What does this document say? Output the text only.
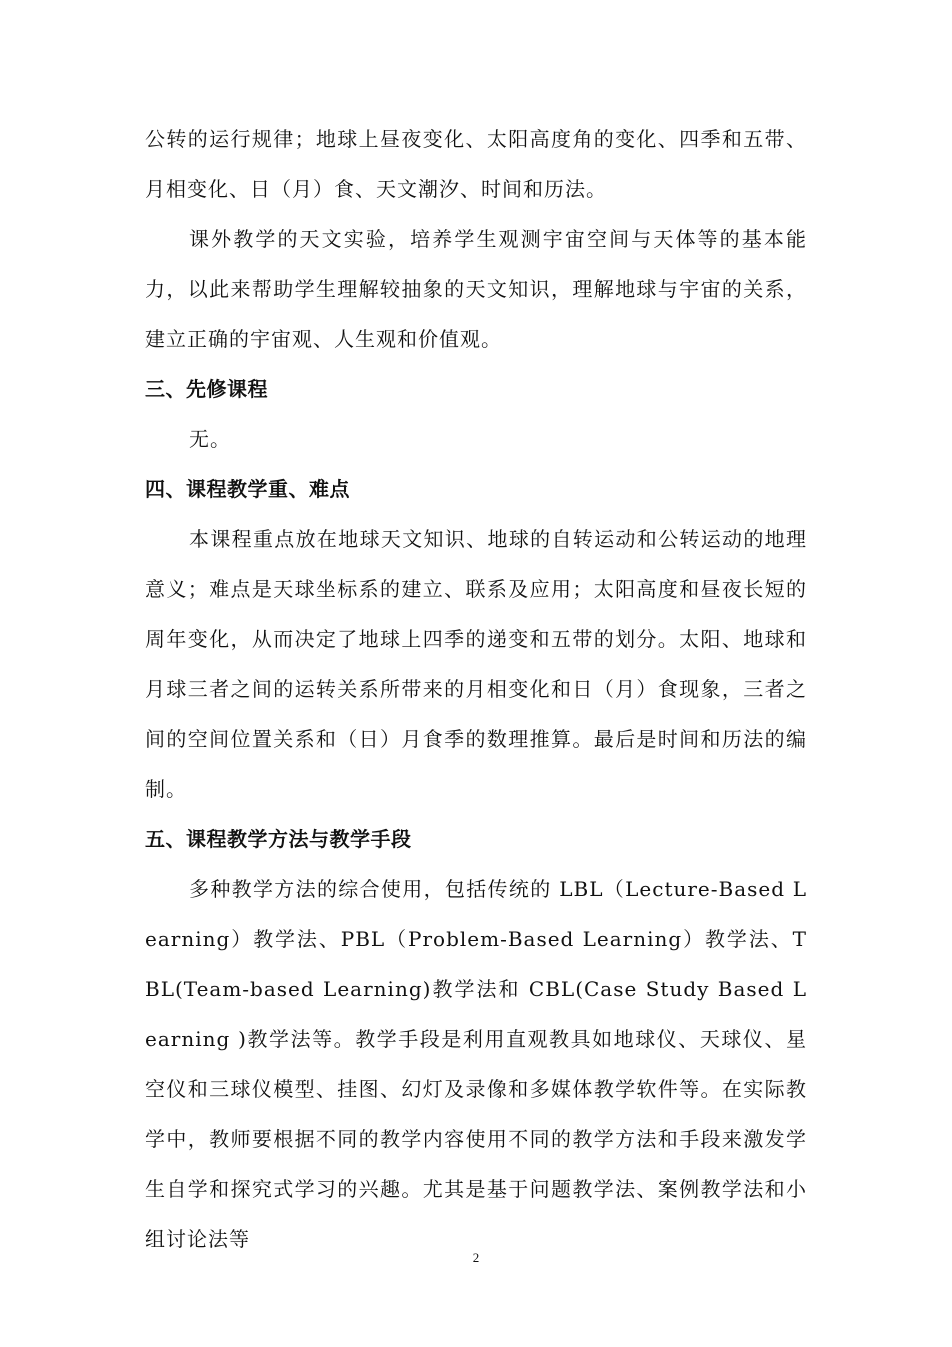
公转的运行规律；地球上昼夜变化、太阳高度角的变化、四季和五带、月相变化、日（月）食、天文潮汐、时间和历法。

课外教学的天文实验，培养学生观测宇宙空间与天体等的基本能力，以此来帮助学生理解较抽象的天文知识，理解地球与宇宙的关系，建立正确的宇宙观、人生观和价值观。

三、先修课程

无。

四、课程教学重、难点

本课程重点放在地球天文知识、地球的自转运动和公转运动的地理意义；难点是天球坐标系的建立、联系及应用；太阳高度和昼夜长短的周年变化，从而决定了地球上四季的递变和五带的划分。太阳、地球和月球三者之间的运转关系所带来的月相变化和日（月）食现象，三者之间的空间位置关系和（日）月食季的数理推算。最后是时间和历法的编制。

五、课程教学方法与教学手段

多种教学方法的综合使用，包括传统的 LBL（Lecture-Based Learning）教学法、PBL（Problem-Based Learning）教学法、TBL(Team-based Learning)教学法和 CBL(Case Study Based Learning )教学法等。教学手段是利用直观教具如地球仪、天球仪、星空仪和三球仪模型、挂图、幻灯及录像和多媒体教学软件等。在实际教学中，教师要根据不同的教学内容使用不同的教学方法和手段来激发学生自学和探究式学习的兴趣。尤其是基于问题教学法、案例教学法和小组讨论法等

2
